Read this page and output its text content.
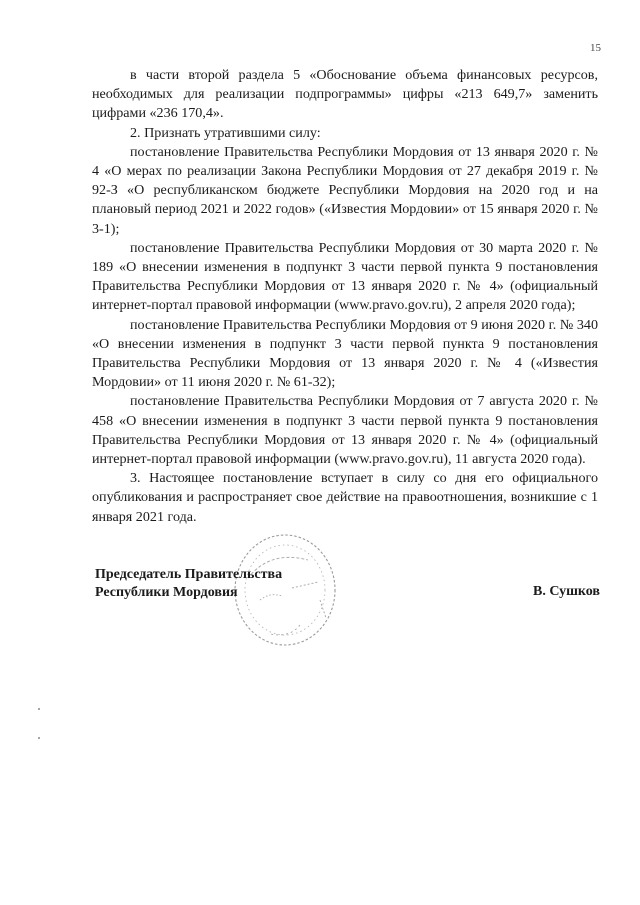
15

в части второй раздела 5 «Обоснование объема финансовых ресурсов, необходимых для реализации подпрограммы» цифры «213 649,7» заменить цифрами «236 170,4».

2. Признать утратившими силу:

постановление Правительства Республики Мордовия от 13 января 2020 г. № 4 «О мерах по реализации Закона Республики Мордовия от 27 декабря 2019 г. № 92-З «О республиканском бюджете Республики Мордовия на 2020 год и на плановый период 2021 и 2022 годов» («Известия Мордовии» от 15 января 2020 г. № 3-1);

постановление Правительства Республики Мордовия от 30 марта 2020 г. № 189 «О внесении изменения в подпункт 3 части первой пункта 9 постановления Правительства Республики Мордовия от 13 января 2020 г. № 4» (официальный интернет-портал правовой информации (www.pravo.gov.ru), 2 апреля 2020 года);

постановление Правительства Республики Мордовия от 9 июня 2020 г. № 340 «О внесении изменения в подпункт 3 части первой пункта 9 постановления Правительства Республики Мордовия от 13 января 2020 г. № 4 («Известия Мордовии» от 11 июня 2020 г. № 61-32);

постановление Правительства Республики Мордовия от 7 августа 2020 г. № 458 «О внесении изменения в подпункт 3 части первой пункта 9 постановления Правительства Республики Мордовия от 13 января 2020 г. № 4» (официальный интернет-портал правовой информации (www.pravo.gov.ru), 11 августа 2020 года).

3. Настоящее постановление вступает в силу со дня его официального опубликования и распространяет свое действие на правоотношения, возникшие с 1 января 2021 года.

Председатель Правительства
Республики Мордовия	В. Сушков
